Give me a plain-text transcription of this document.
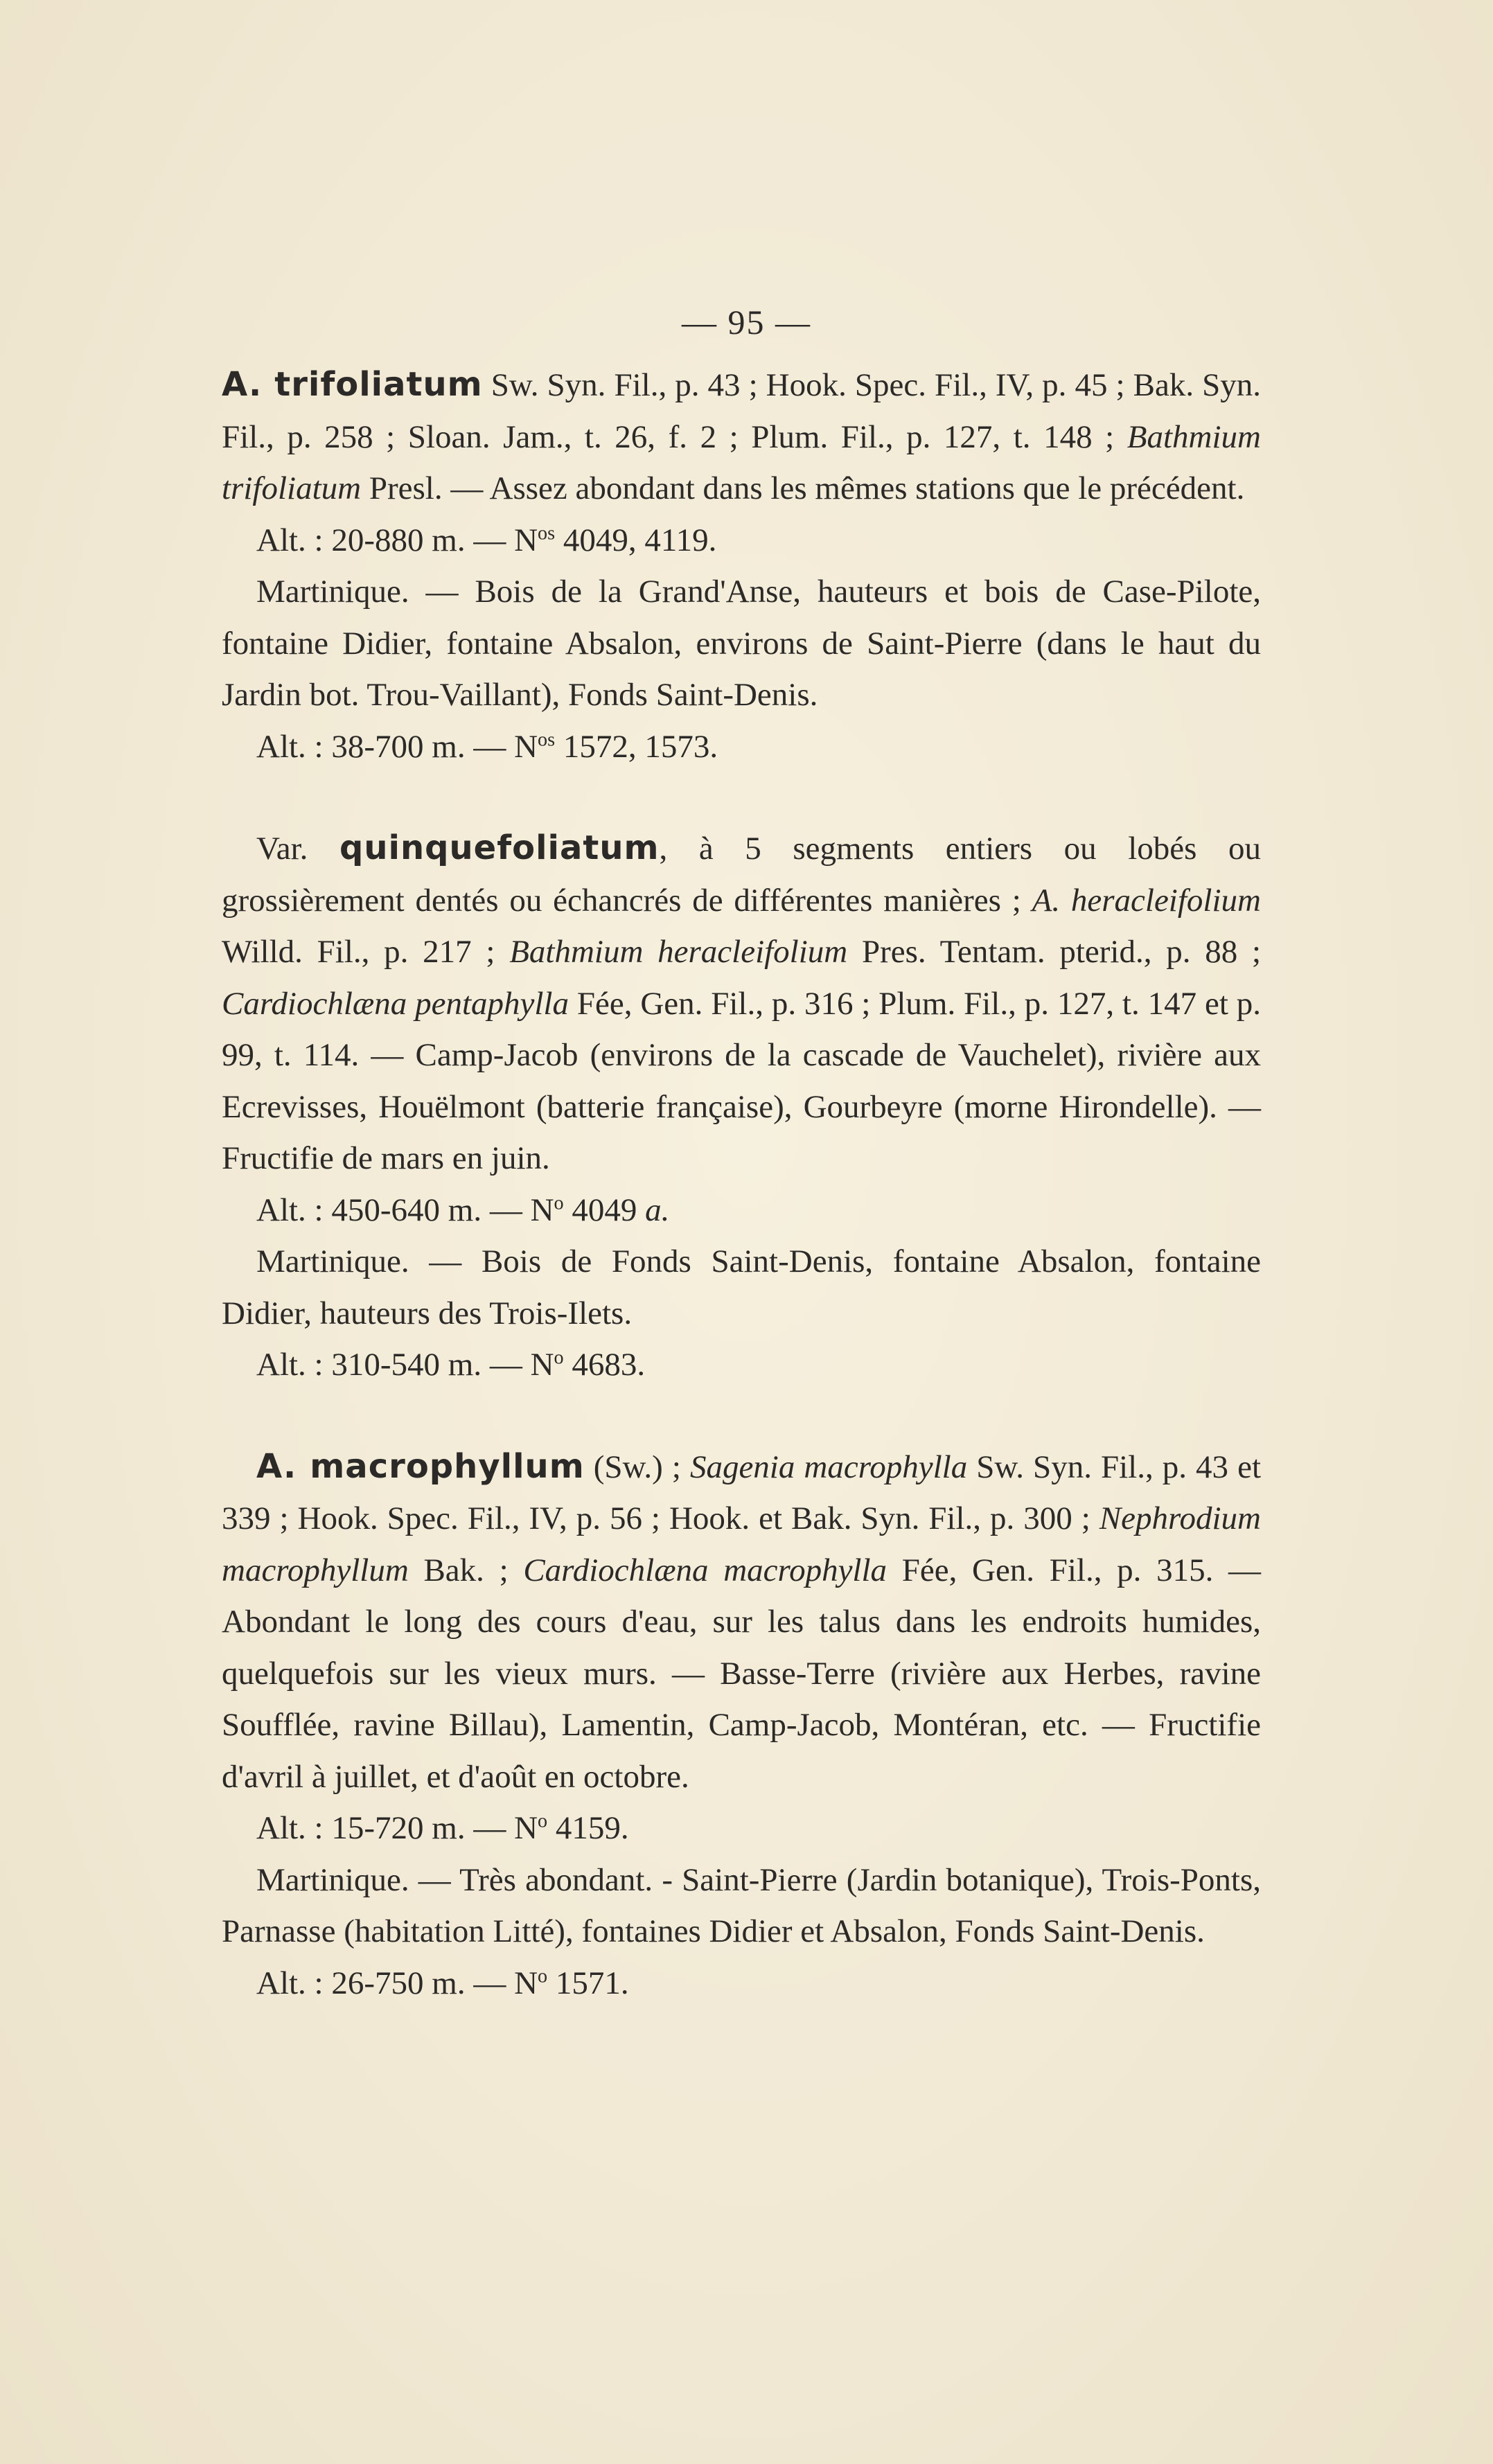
— 95 —

A. trifoliatum Sw. Syn. Fil., p. 43 ; Hook. Spec. Fil., IV, p. 45 ; Bak. Syn. Fil., p. 258 ; Sloan. Jam., t. 26, f. 2 ; Plum. Fil., p. 127, t. 148 ; Bathmium trifoliatum Presl. — Assez abondant dans les mêmes stations que le précédent.

Alt. : 20-880 m. — $N^{os}$ 4049, 4119.

Martinique. — Bois de la Grand'Anse, hauteurs et bois de Case-Pilote, fontaine Didier, fontaine Absalon, environs de Saint-Pierre (dans le haut du Jardin bot. Trou-Vaillant), Fonds Saint-Denis.

Alt. : 38-700 m. — $N^{os}$ 1572, 1573.

Var. quinquefoliatum, à 5 segments entiers ou lobés ou grossièrement dentés ou échancrés de différentes manières ; A. heracleifolium Willd. Fil., p. 217 ; Bathmium heracleifolium Pres. Tentam. pterid., p. 88 ; Cardiochlæna pentaphylla Fée, Gen. Fil., p. 316 ; Plum. Fil., p. 127, t. 147 et p. 99, t. 114. — Camp-Jacob (environs de la cascade de Vauchelet), rivière aux Ecrevisses, Houëlmont (batterie française), Gourbeyre (morne Hirondelle). — Fructifie de mars en juin.

Alt. : 450-640 m. — $N^o$ 4049 a.

Martinique. — Bois de Fonds Saint-Denis, fontaine Absalon, fontaine Didier, hauteurs des Trois-Ilets.

Alt. : 310-540 m. — $N^o$ 4683.

A. macrophyllum (Sw.) ; Sagenia macrophylla Sw. Syn. Fil., p. 43 et 339 ; Hook. Spec. Fil., IV, p. 56 ; Hook. et Bak. Syn. Fil., p. 300 ; Nephrodium macrophyllum Bak. ; Cardiochlæna macrophylla Fée, Gen. Fil., p. 315. — Abondant le long des cours d'eau, sur les talus dans les endroits humides, quelquefois sur les vieux murs. — Basse-Terre (rivière aux Herbes, ravine Soufflée, ravine Billau), Lamentin, Camp-Jacob, Montéran, etc. — Fructifie d'avril à juillet, et d'août en octobre.

Alt. : 15-720 m. — $N^o$ 4159.

Martinique. — Très abondant. - Saint-Pierre (Jardin botanique), Trois-Ponts, Parnasse (habitation Litté), fontaines Didier et Absalon, Fonds Saint-Denis.

Alt. : 26-750 m. — $N^o$ 1571.
